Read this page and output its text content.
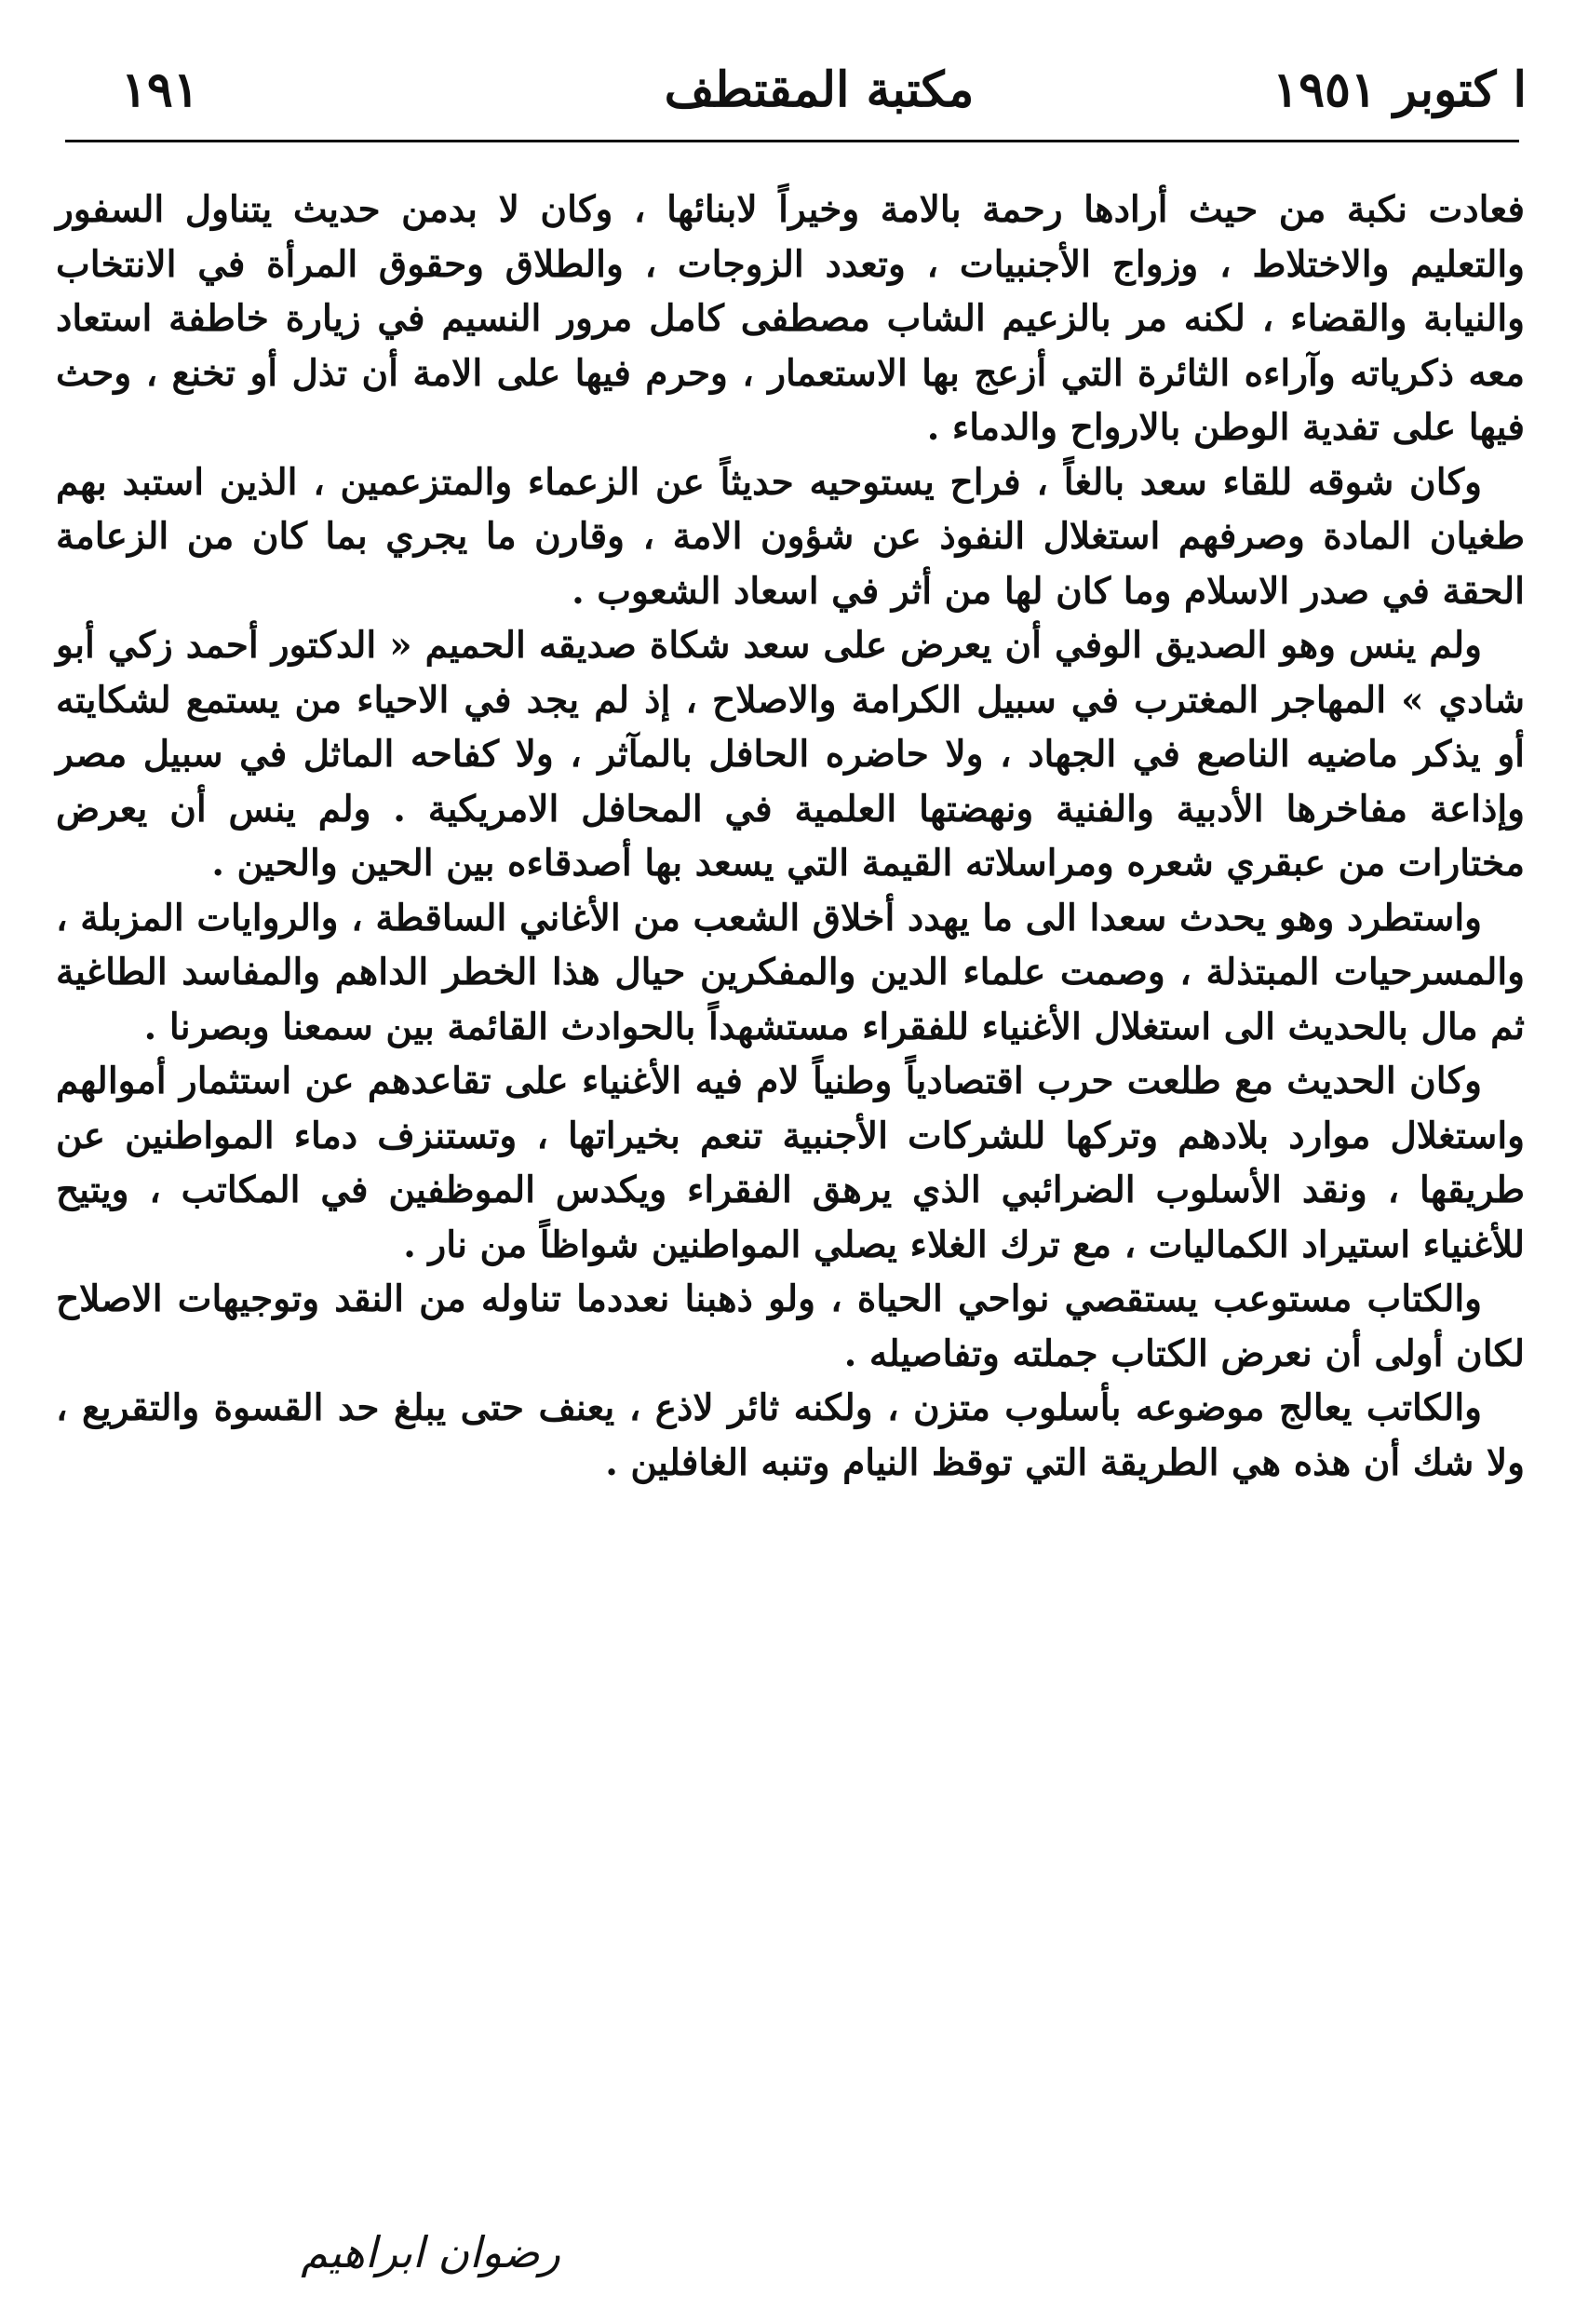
ا كتوبر ١٩٥١
مكتبة المقتطف
١٩١

فعادت نكبة من حيث أرادها رحمة بالامة وخيراً لابنائها ، وكان لا بدمن حديث يتناول السفور والتعليم والاختلاط ، وزواج الأجنبيات ، وتعدد الزوجات ، والطلاق وحقوق المرأة في الانتخاب والنيابة والقضاء ، لكنه مر بالزعيم الشاب مصطفى كامل مرور النسيم في زيارة خاطفة استعاد معه ذكرياته وآراءه الثائرة التي أزعج بها الاستعمار ، وحرم فيها على الامة أن تذل أو تخنع ، وحث فيها على تفدية الوطن بالارواح والدماء .

وكان شوقه للقاء سعد بالغاً ، فراح يستوحيه حديثاً عن الزعماء والمتزعمين ، الذين استبد بهم طغيان المادة وصرفهم استغلال النفوذ عن شؤون الامة ، وقارن ما يجري بما كان من الزعامة الحقة في صدر الاسلام وما كان لها من أثر في اسعاد الشعوب .

ولم ينس وهو الصديق الوفي أن يعرض على سعد شكاة صديقه الحميم « الدكتور أحمد زكي أبو شادي » المهاجر المغترب في سبيل الكرامة والاصلاح ، إذ لم يجد في الاحياء من يستمع لشكايته أو يذكر ماضيه الناصع في الجهاد ، ولا حاضره الحافل بالمآثر ، ولا كفاحه الماثل في سبيل مصر وإذاعة مفاخرها الأدبية والفنية ونهضتها العلمية في المحافل الامريكية . ولم ينس أن يعرض مختارات من عبقري شعره ومراسلاته القيمة التي يسعد بها أصدقاءه بين الحين والحين .

واستطرد وهو يحدث سعدا الى ما يهدد أخلاق الشعب من الأغاني الساقطة ، والروايات المزبلة ، والمسرحيات المبتذلة ، وصمت علماء الدين والمفكرين حيال هذا الخطر الداهم والمفاسد الطاغية ثم مال بالحديث الى استغلال الأغنياء للفقراء مستشهداً بالحوادث القائمة بين سمعنا وبصرنا .

وكان الحديث مع طلعت حرب اقتصادياً وطنياً لام فيه الأغنياء على تقاعدهم عن استثمار أموالهم واستغلال موارد بلادهم وتركها للشركات الأجنبية تنعم بخيراتها ، وتستنزف دماء المواطنين عن طريقها ، ونقد الأسلوب الضرائبي الذي يرهق الفقراء ويكدس الموظفين في المكاتب ، ويتيح للأغنياء استيراد الكماليات ، مع ترك الغلاء يصلي المواطنين شواظاً من نار .

والكتاب مستوعب يستقصي نواحي الحياة ، ولو ذهبنا نعددما تناوله من النقد وتوجيهات الاصلاح لكان أولى أن نعرض الكتاب جملته وتفاصيله .

والكاتب يعالج موضوعه بأسلوب متزن ، ولكنه ثائر لاذع ، يعنف حتى يبلغ حد القسوة والتقريع ، ولا شك أن هذه هي الطريقة التي توقظ النيام وتنبه الغافلين .

رضوان ابراهيم
